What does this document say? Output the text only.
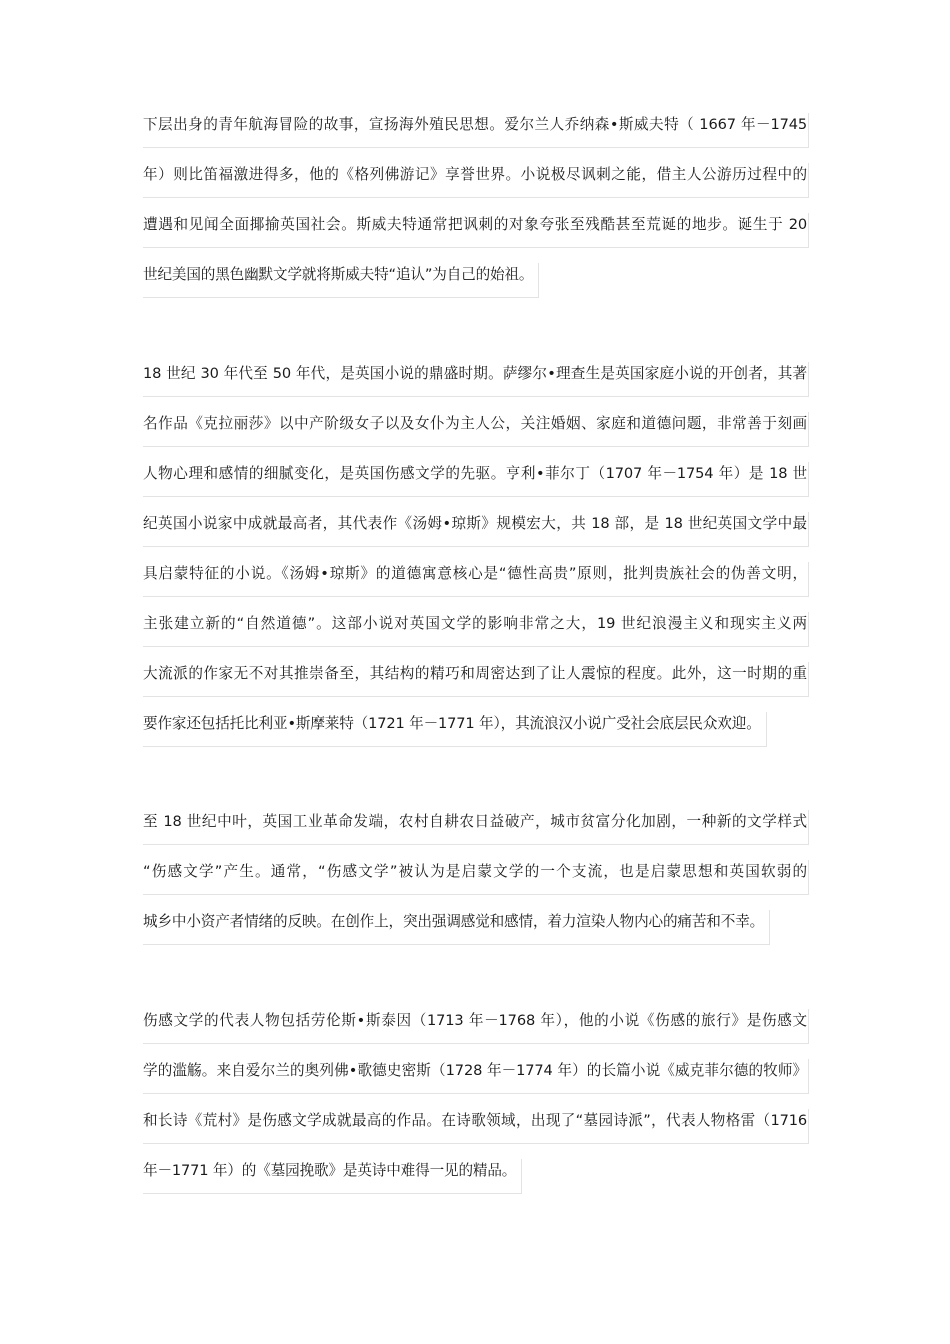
下层出身的青年航海冒险的故事，宣扬海外殖民思想。爱尔兰人乔纳森•斯威夫特（ 1667 年－1745
年）则比笛福激进得多，他的《格列佛游记》享誉世界。小说极尽讽刺之能，借主人公游历过程中的
遭遇和见闻全面揶揄英国社会。斯威夫特通常把讽刺的对象夸张至残酷甚至荒诞的地步。诞生于 20
世纪美国的黑色幽默文学就将斯威夫特“追认”为自己的始祖。
18 世纪 30 年代至 50 年代，是英国小说的鼎盛时期。萨缪尔•理查生是英国家庭小说的开创者，其著
名作品《克拉丽莎》以中产阶级女子以及女仆为主人公，关注婚姻、家庭和道德问题，非常善于刻画
人物心理和感情的细腻变化，是英国伤感文学的先驱。亨利•菲尔丁（1707 年－1754 年）是 18 世
纪英国小说家中成就最高者，其代表作《汤姆•琼斯》规模宏大，共 18 部，是 18 世纪英国文学中最
具启蒙特征的小说。《汤姆•琼斯》的道德寓意核心是“德性高贵”原则，批判贵族社会的伪善文明，
主张建立新的“自然道德”。这部小说对英国文学的影响非常之大，19 世纪浪漫主义和现实主义两
大流派的作家无不对其推崇备至，其结构的精巧和周密达到了让人震惊的程度。此外，这一时期的重
要作家还包括托比利亚•斯摩莱特（1721 年－1771 年），其流浪汉小说广受社会底层民众欢迎。
至 18 世纪中叶，英国工业革命发端，农村自耕农日益破产，城市贫富分化加剧，一种新的文学样式
“伤感文学”产生。通常，“伤感文学”被认为是启蒙文学的一个支流，也是启蒙思想和英国软弱的
城乡中小资产者情绪的反映。在创作上，突出强调感觉和感情，着力渲染人物内心的痛苦和不幸。
伤感文学的代表人物包括劳伦斯•斯泰因（1713 年－1768 年），他的小说《伤感的旅行》是伤感文
学的滥觞。来自爱尔兰的奥列佛•歌德史密斯（1728 年－1774 年）的长篇小说《威克菲尔德的牧师》
和长诗《荒村》是伤感文学成就最高的作品。在诗歌领域，出现了“墓园诗派”，代表人物格雷（1716
年－1771 年）的《墓园挽歌》是英诗中难得一见的精品。
